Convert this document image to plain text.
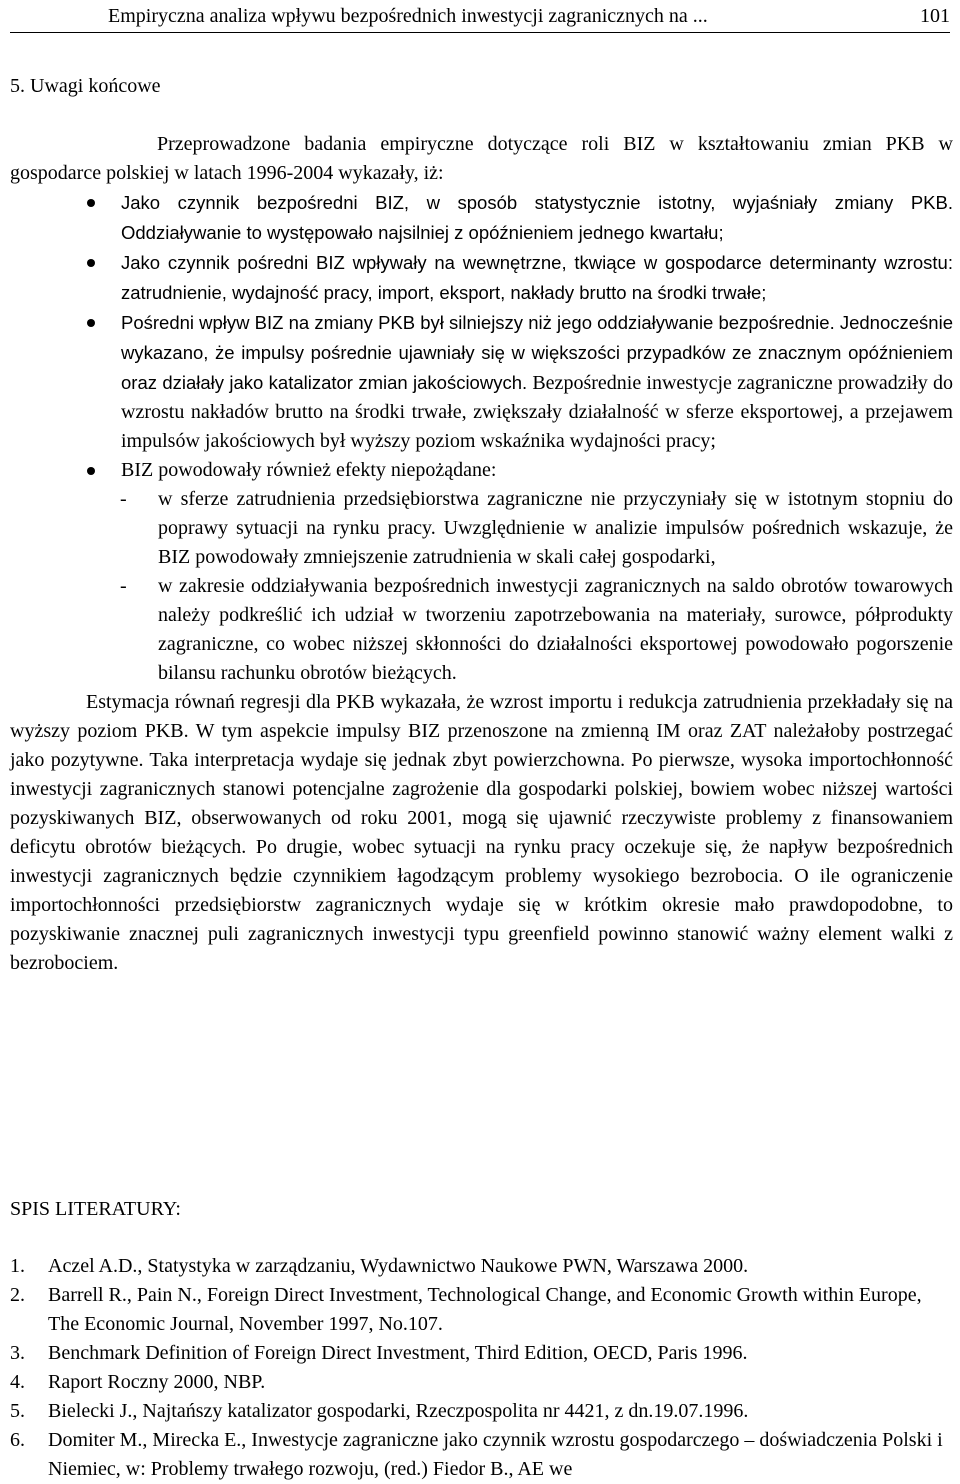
Empiryczna analiza wpływu bezpośrednich inwestycji zagranicznych na ...	101
5. Uwagi końcowe

Przeprowadzone badania empiryczne dotyczące roli BIZ w kształtowaniu zmian PKB w gospodarce polskiej w latach 1996-2004 wykazały, iż:

Jako czynnik bezpośredni BIZ, w sposób statystycznie istotny, wyjaśniały zmiany PKB. Oddziaływanie to występowało najsilniej z opóźnieniem jednego kwartału;
Jako czynnik pośredni BIZ wpływały na wewnętrzne, tkwiące w gospodarce determinanty wzrostu: zatrudnienie, wydajność pracy, import, eksport, nakłady brutto na środki trwałe;
Pośredni wpływ BIZ na zmiany PKB był silniejszy niż jego oddziaływanie bezpośrednie. Jednocześnie wykazano, że impulsy pośrednie ujawniały się w większości przypadków ze znacznym opóźnieniem oraz działały jako katalizator zmian jakościowych. Bezpośrednie inwestycje zagraniczne prowadziły do wzrostu nakładów brutto na środki trwałe, zwiększały działalność w sferze eksportowej, a przejawem impulsów jakościowych był wyższy poziom wskaźnika wydajności pracy;
BIZ powodowały również efekty niepożądane:
- w sferze zatrudnienia przedsiębiorstwa zagraniczne nie przyczyniały się w istotnym stopniu do poprawy sytuacji na rynku pracy. Uwzględnienie w analizie impulsów pośrednich wskazuje, że BIZ powodowały zmniejszenie zatrudnienia w skali całej gospodarki,
- w zakresie oddziaływania bezpośrednich inwestycji zagranicznych na saldo obrotów towarowych należy podkreślić ich udział w tworzeniu zapotrzebowania na materiały, surowce, półprodukty zagraniczne, co wobec niższej skłonności do działalności eksportowej powodowało pogorszenie bilansu rachunku obrotów bieżących.

Estymacja równań regresji dla PKB wykazała, że wzrost importu i redukcja zatrudnienia przekładały się na wyższy poziom PKB. W tym aspekcie impulsy BIZ przenoszone na zmienną IM oraz ZAT należałoby postrzegać jako pozytywne. Taka interpretacja wydaje się jednak zbyt powierzchowna. Po pierwsze, wysoka importochłonność inwestycji zagranicznych stanowi potencjalne zagrożenie dla gospodarki polskiej, bowiem wobec niższej wartości pozyskiwanych BIZ, obserwowanych od roku 2001, mogą się ujawnić rzeczywiste problemy z finansowaniem deficytu obrotów bieżących. Po drugie, wobec sytuacji na rynku pracy oczekuje się, że napływ bezpośrednich inwestycji zagranicznych będzie czynnikiem łagodzącym problemy wysokiego bezrobocia. O ile ograniczenie importochłonności przedsiębiorstw zagranicznych wydaje się w krótkim okresie mało prawdopodobne, to pozyskiwanie znacznej puli zagranicznych inwestycji typu greenfield powinno stanowić ważny element walki z bezrobociem.

SPIS LITERATURY:
1. Aczel A.D., Statystyka w zarządzaniu, Wydawnictwo Naukowe PWN, Warszawa 2000.
2. Barrell R., Pain N., Foreign Direct Investment, Technological Change, and Economic Growth within Europe, The Economic Journal, November 1997, No.107.
3. Benchmark Definition of Foreign Direct Investment, Third Edition, OECD, Paris 1996.
4. Raport Roczny 2000, NBP.
5. Bielecki J., Najtańszy katalizator gospodarki, Rzeczpospolita nr 4421, z dn.19.07.1996.
6. Domiter M., Mirecka E., Inwestycje zagraniczne jako czynnik wzrostu gospodarczego – doświadczenia Polski i Niemiec, w: Problemy trwałego rozwoju, (red.) Fiedor B., AE we
